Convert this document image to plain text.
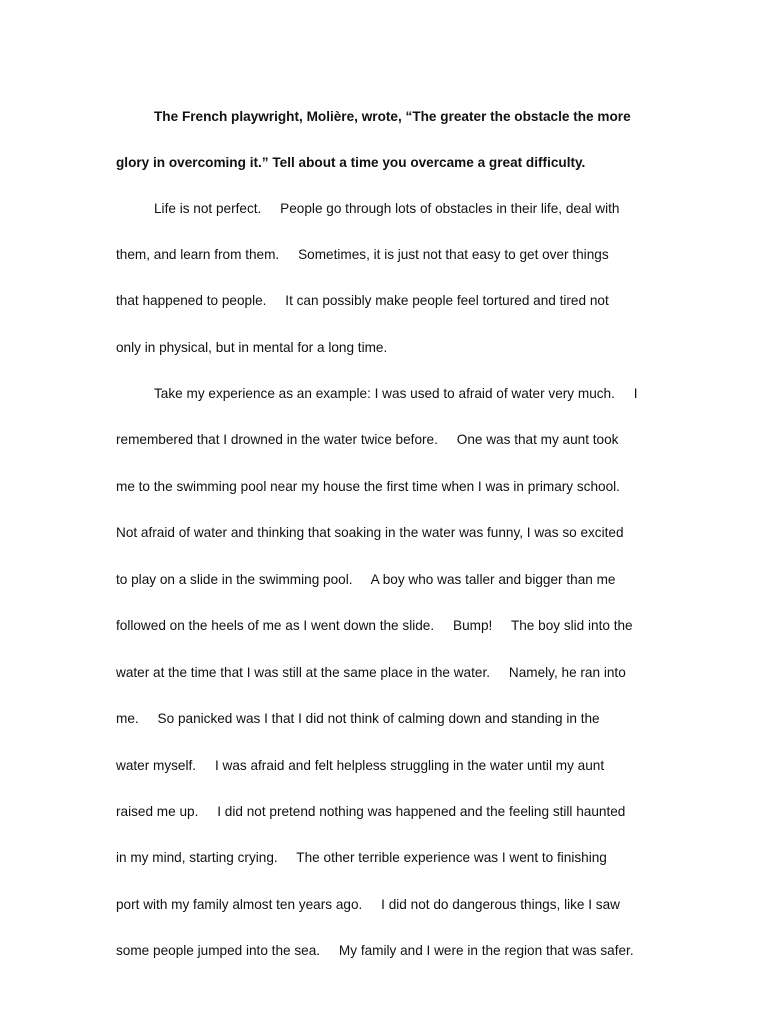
The French playwright, Molière, wrote, “The greater the obstacle the more
glory in overcoming it.” Tell about a time you overcame a great difficulty.
Life is not perfect.     People go through lots of obstacles in their life, deal with
them, and learn from them.     Sometimes, it is just not that easy to get over things
that happened to people.     It can possibly make people feel tortured and tired not
only in physical, but in mental for a long time.
Take my experience as an example: I was used to afraid of water very much.     I
remembered that I drowned in the water twice before.     One was that my aunt took
me to the swimming pool near my house the first time when I was in primary school.
Not afraid of water and thinking that soaking in the water was funny, I was so excited
to play on a slide in the swimming pool.     A boy who was taller and bigger than me
followed on the heels of me as I went down the slide.     Bump!     The boy slid into the
water at the time that I was still at the same place in the water.     Namely, he ran into
me.     So panicked was I that I did not think of calming down and standing in the
water myself.     I was afraid and felt helpless struggling in the water until my aunt
raised me up.     I did not pretend nothing was happened and the feeling still haunted
in my mind, starting crying.     The other terrible experience was I went to finishing
port with my family almost ten years ago.     I did not do dangerous things, like I saw
some people jumped into the sea.     My family and I were in the region that was safer.
